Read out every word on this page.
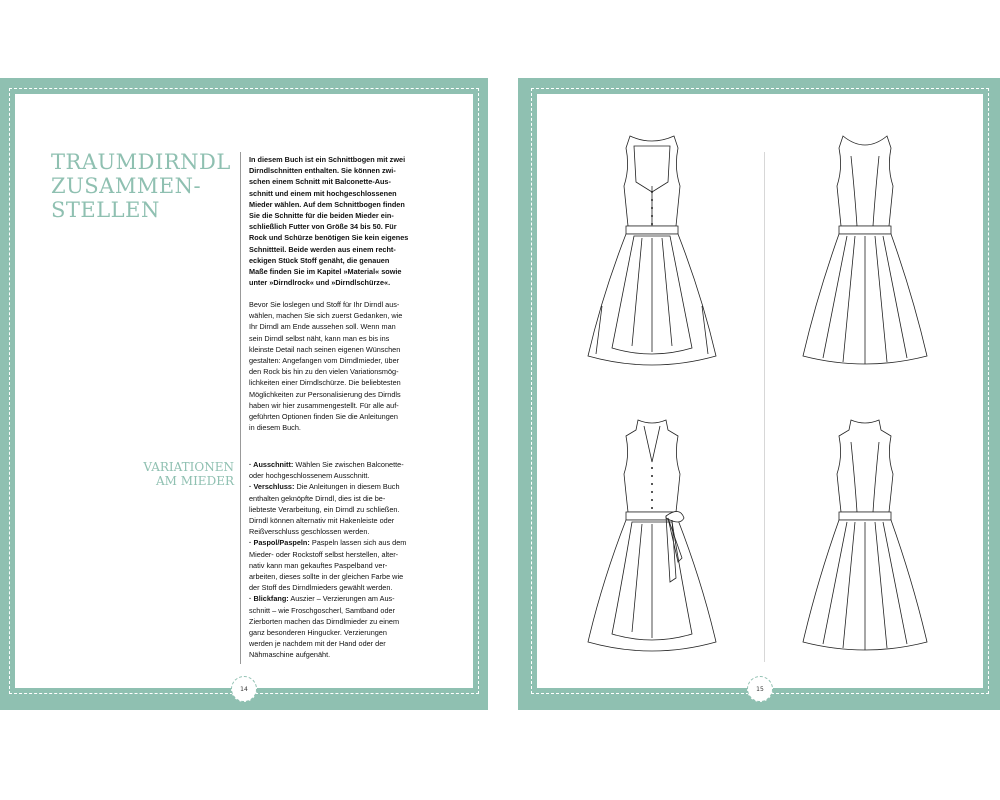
TRAUMDIRNDL
ZUSAMMEN-
STELLEN
In diesem Buch ist ein Schnittbogen mit zwei
Dirndlschnitten enthalten. Sie können zwi-
schen einem Schnitt mit Balconette-Aus-
schnitt und einem mit hochgeschlossenen
Mieder wählen. Auf dem Schnittbogen finden
Sie die Schnitte für die beiden Mieder ein-
schließlich Futter von Größe 34 bis 50. Für
Rock und Schürze benötigen Sie kein eigenes
Schnittteil. Beide werden aus einem recht-
eckigen Stück Stoff genäht, die genauen
Maße finden Sie im Kapitel »Material« sowie
unter »Dirndlrock« und »Dirndlschürze«.
Bevor Sie loslegen und Stoff für Ihr Dirndl aus-
wählen, machen Sie sich zuerst Gedanken, wie
Ihr Dirndl am Ende aussehen soll. Wenn man
sein Dirndl selbst näht, kann man es bis ins
kleinste Detail nach seinen eigenen Wünschen
gestalten: Angefangen vom Dirndlmieder, über
den Rock bis hin zu den vielen Variationsmög-
lichkeiten einer Dirndlschürze. Die beliebtesten
Möglichkeiten zur Personalisierung des Dirndls
haben wir hier zusammengestellt. Für alle auf-
geführten Optionen finden Sie die Anleitungen
in diesem Buch.
VARIATIONEN
AM MIEDER
· Ausschnitt: Wählen Sie zwischen Balconette-
oder hochgeschlossenem Ausschnitt.
· Verschluss: Die Anleitungen in diesem Buch
enthalten geknöpfte Dirndl, dies ist die be-
liebteste Verarbeitung, ein Dirndl zu schließen.
Dirndl können alternativ mit Hakenleiste oder
Reißverschluss geschlossen werden.
· Paspol/Paspeln: Paspeln lassen sich aus dem
Mieder- oder Rockstoff selbst herstellen, alter-
nativ kann man gekauftes Paspelband ver-
arbeiten, dieses sollte in der gleichen Farbe wie
der Stoff des Dirndlmieders gewählt werden.
· Blickfang: Auszier – Verzierungen am Aus-
schnitt – wie Froschgoscherl, Samtband oder
Zierborten machen das Dirndlmieder zu einem
ganz besonderen Hingucker. Verzierungen
werden je nachdem mit der Hand oder der
Nähmaschine aufgenäht.
14	15
